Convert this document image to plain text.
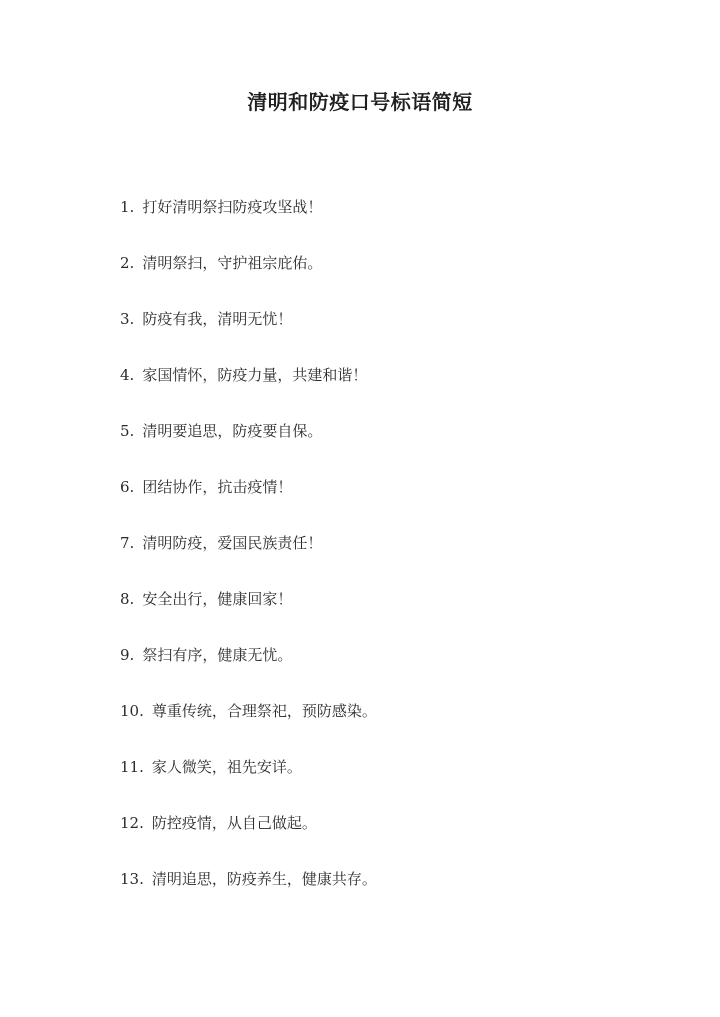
清明和防疫口号标语简短
1. 打好清明祭扫防疫攻坚战！
2. 清明祭扫，守护祖宗庇佑。
3. 防疫有我，清明无忧！
4. 家国情怀，防疫力量，共建和谐！
5. 清明要追思，防疫要自保。
6. 团结协作，抗击疫情！
7. 清明防疫，爱国民族责任！
8. 安全出行，健康回家！
9. 祭扫有序，健康无忧。
10. 尊重传统，合理祭祀，预防感染。
11. 家人微笑，祖先安详。
12. 防控疫情，从自己做起。
13. 清明追思，防疫养生，健康共存。
